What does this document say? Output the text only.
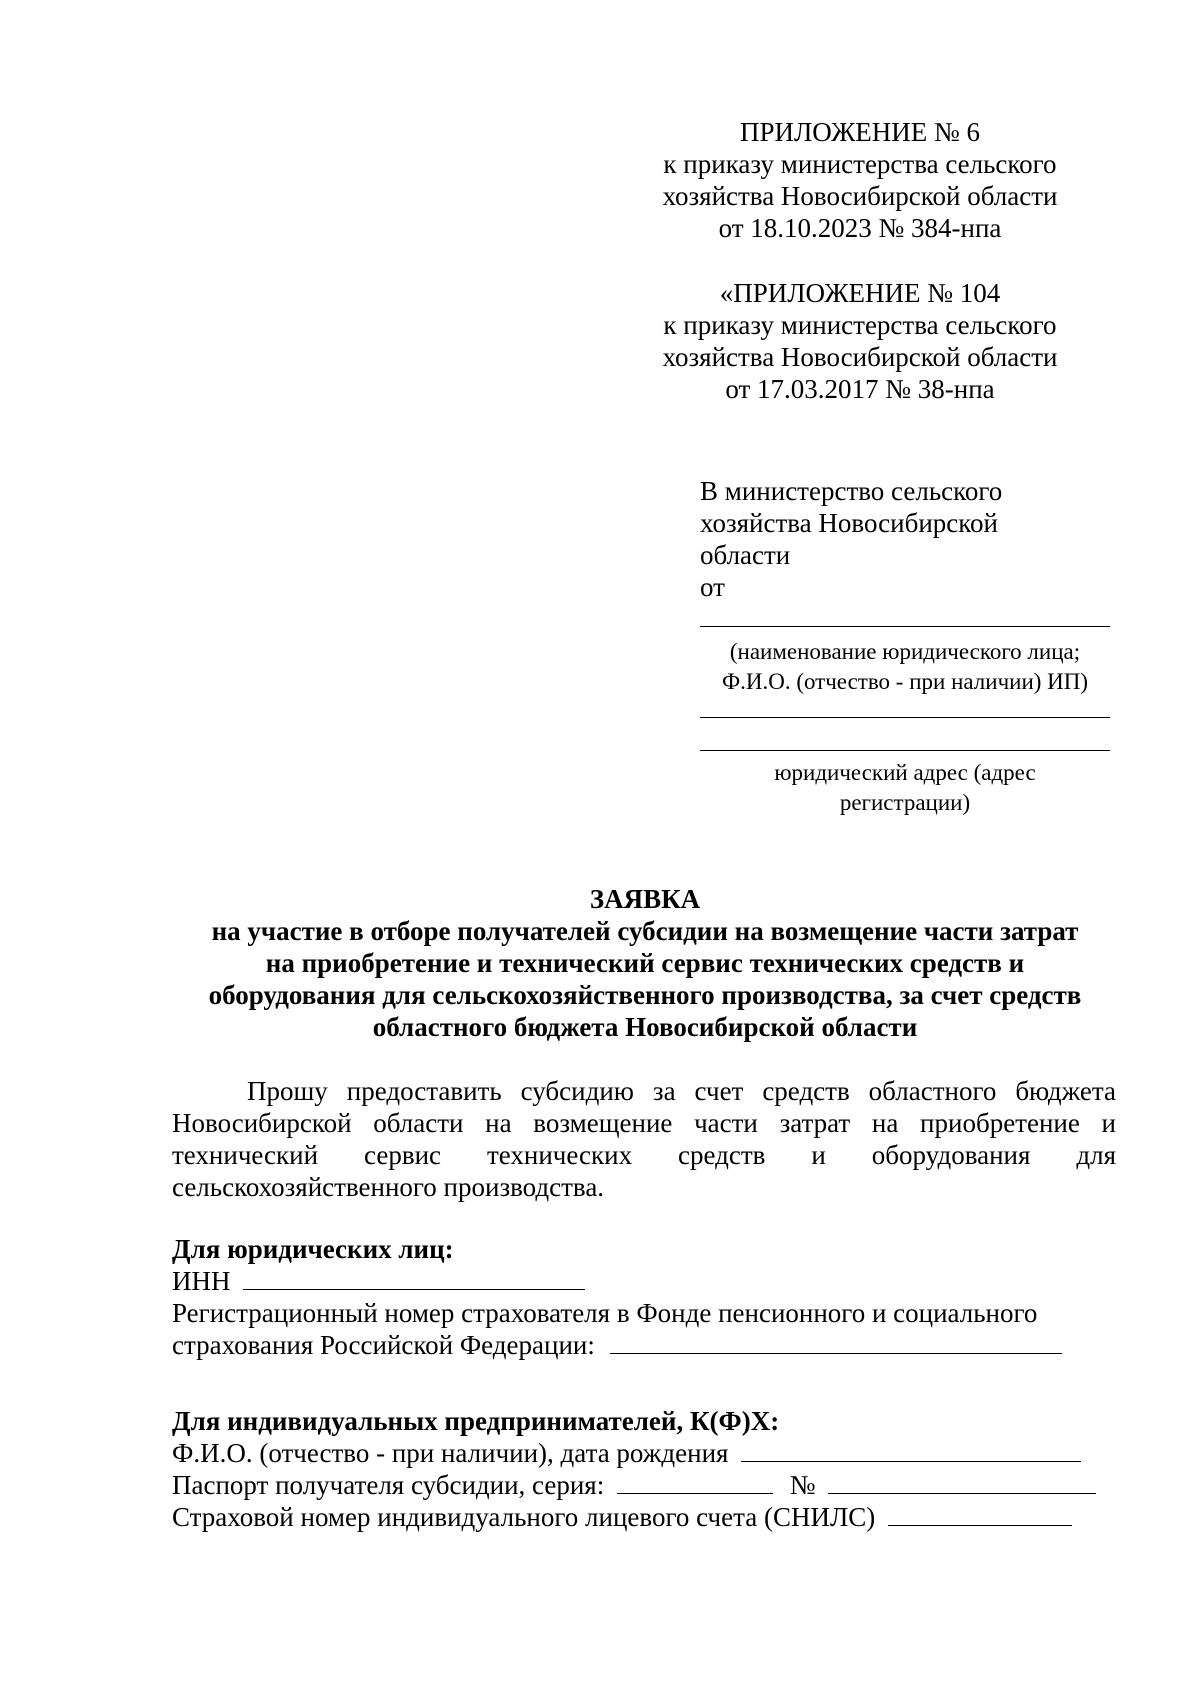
ПРИЛОЖЕНИЕ № 6
к приказу министерства сельского
хозяйства Новосибирской области
от 18.10.2023 № 384-нпа
«ПРИЛОЖЕНИЕ № 104
к приказу министерства сельского
хозяйства Новосибирской области
от 17.03.2017 № 38-нпа
В министерство сельского
хозяйства Новосибирской
области
от
(наименование юридического лица;
Ф.И.О. (отчество - при наличии) ИП)
юридический адрес (адрес
регистрации)
ЗАЯВКА
на участие в отборе получателей субсидии на возмещение части затрат
на приобретение и технический сервис технических средств и
оборудования для сельскохозяйственного производства, за счет средств
областного бюджета Новосибирской области
Прошу предоставить субсидию за счет средств областного бюджета
Новосибирской области на возмещение части затрат на приобретение и
технический сервис технических средств и оборудования для
сельскохозяйственного производства.
Для юридических лиц:
ИНН
Регистрационный номер страхователя в Фонде пенсионного и социального
страхования Российской Федерации:
Для индивидуальных предпринимателей, К(Ф)Х:
Ф.И.О. (отчество - при наличии), дата рождения
Паспорт получателя субсидии, серия:	№
Страховой номер индивидуального лицевого счета (СНИЛС)
